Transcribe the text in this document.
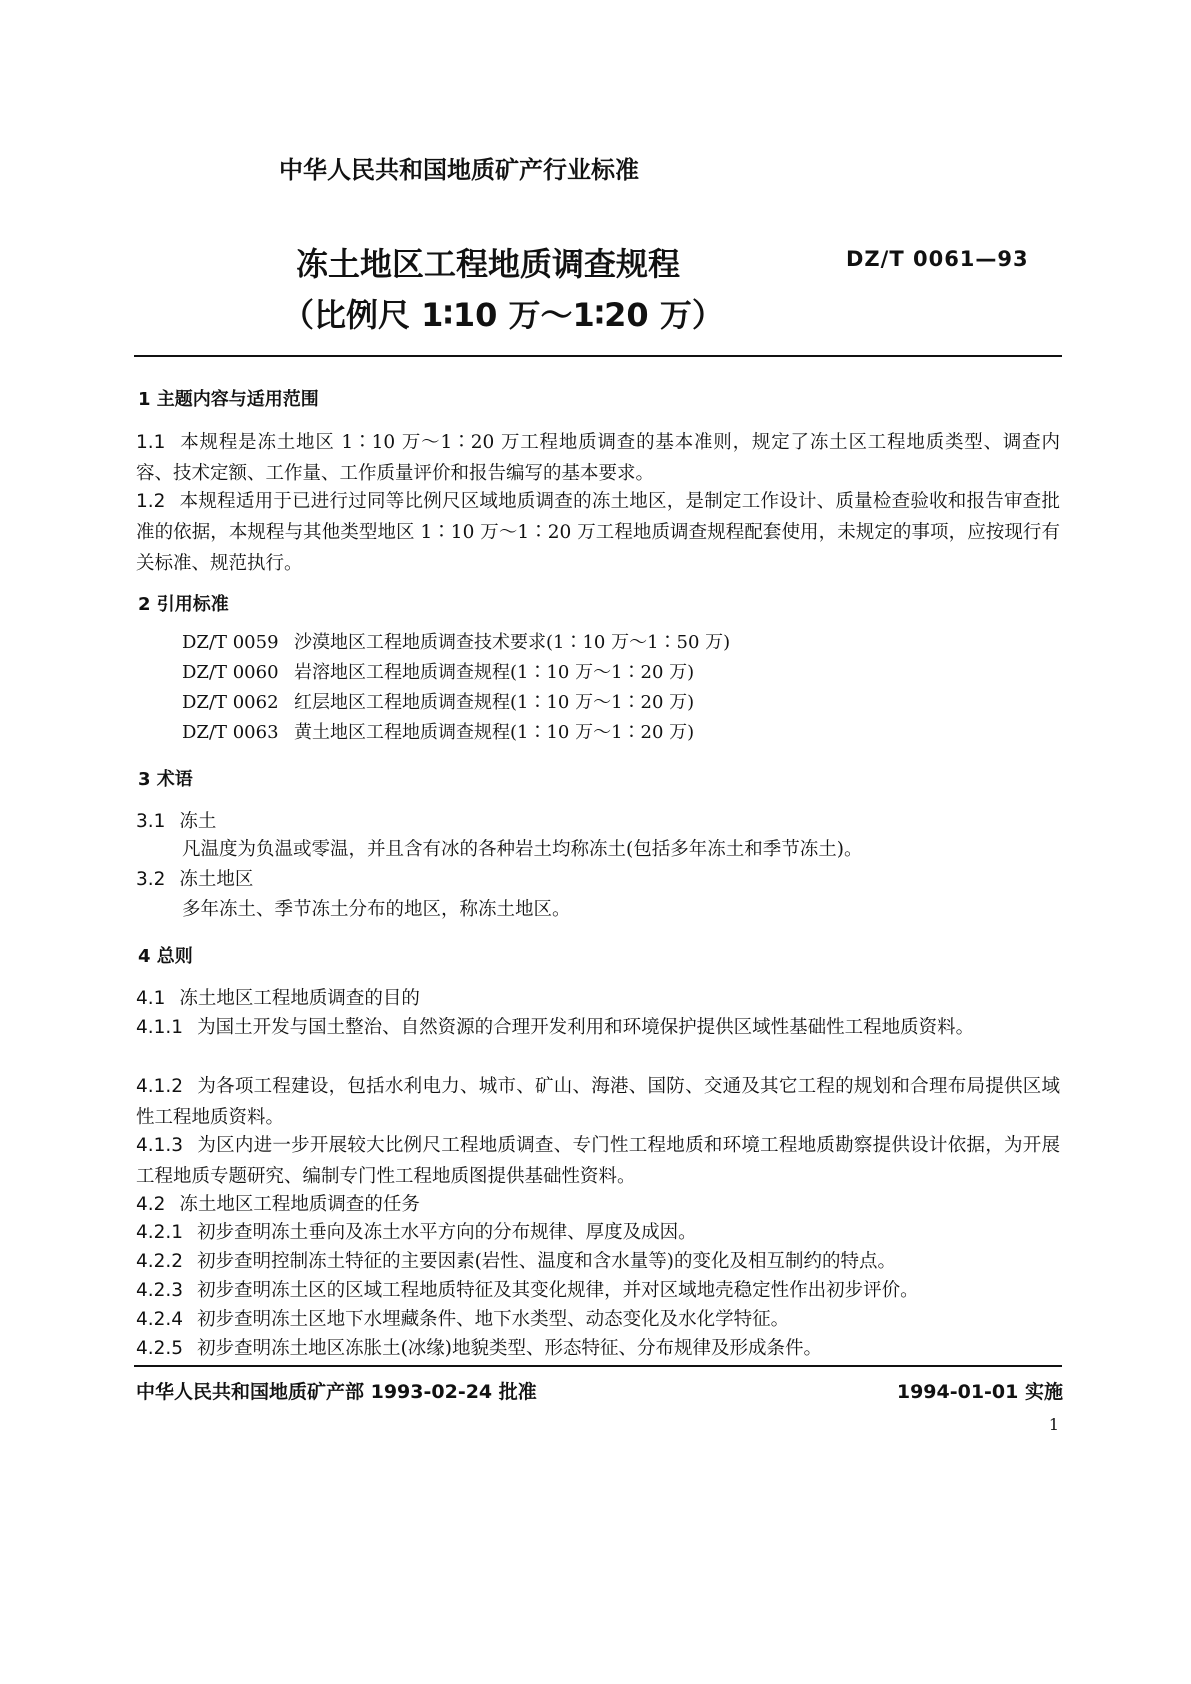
中华人民共和国地质矿产行业标准
冻土地区工程地质调查规程
（比例尺 1∶10 万～1∶20 万）
DZ/T 0061—93
1 主题内容与适用范围
1.1 本规程是冻土地区 1∶10 万～1∶20 万工程地质调查的基本准则，规定了冻土区工程地质类型、调查内容、技术定额、工作量、工作质量评价和报告编写的基本要求。
1.2 本规程适用于已进行过同等比例尺区域地质调查的冻土地区，是制定工作设计、质量检查验收和报告审查批准的依据，本规程与其他类型地区 1∶10 万～1∶20 万工程地质调查规程配套使用，未规定的事项，应按现行有关标准、规范执行。
2 引用标准
DZ/T 0059 沙漠地区工程地质调查技术要求(1∶10 万～1∶50 万)
DZ/T 0060 岩溶地区工程地质调查规程(1∶10 万～1∶20 万)
DZ/T 0062 红层地区工程地质调查规程(1∶10 万～1∶20 万)
DZ/T 0063 黄土地区工程地质调查规程(1∶10 万～1∶20 万)
3 术语
3.1 冻土
凡温度为负温或零温，并且含有冰的各种岩土均称冻土(包括多年冻土和季节冻土)。
3.2 冻土地区
多年冻土、季节冻土分布的地区，称冻土地区。
4 总则
4.1 冻土地区工程地质调查的目的
4.1.1 为国土开发与国土整治、自然资源的合理开发利用和环境保护提供区域性基础性工程地质资料。
4.1.2 为各项工程建设，包括水利电力、城市、矿山、海港、国防、交通及其它工程的规划和合理布局提供区域性工程地质资料。
4.1.3 为区内进一步开展较大比例尺工程地质调查、专门性工程地质和环境工程地质勘察提供设计依据，为开展工程地质专题研究、编制专门性工程地质图提供基础性资料。
4.2 冻土地区工程地质调查的任务
4.2.1 初步查明冻土垂向及冻土水平方向的分布规律、厚度及成因。
4.2.2 初步查明控制冻土特征的主要因素(岩性、温度和含水量等)的变化及相互制约的特点。
4.2.3 初步查明冻土区的区域工程地质特征及其变化规律，并对区域地壳稳定性作出初步评价。
4.2.4 初步查明冻土区地下水埋藏条件、地下水类型、动态变化及水化学特征。
4.2.5 初步查明冻土地区冻胀土(冰缘)地貌类型、形态特征、分布规律及形成条件。
中华人民共和国地质矿产部 1993-02-24 批准	1994-01-01 实施
1
